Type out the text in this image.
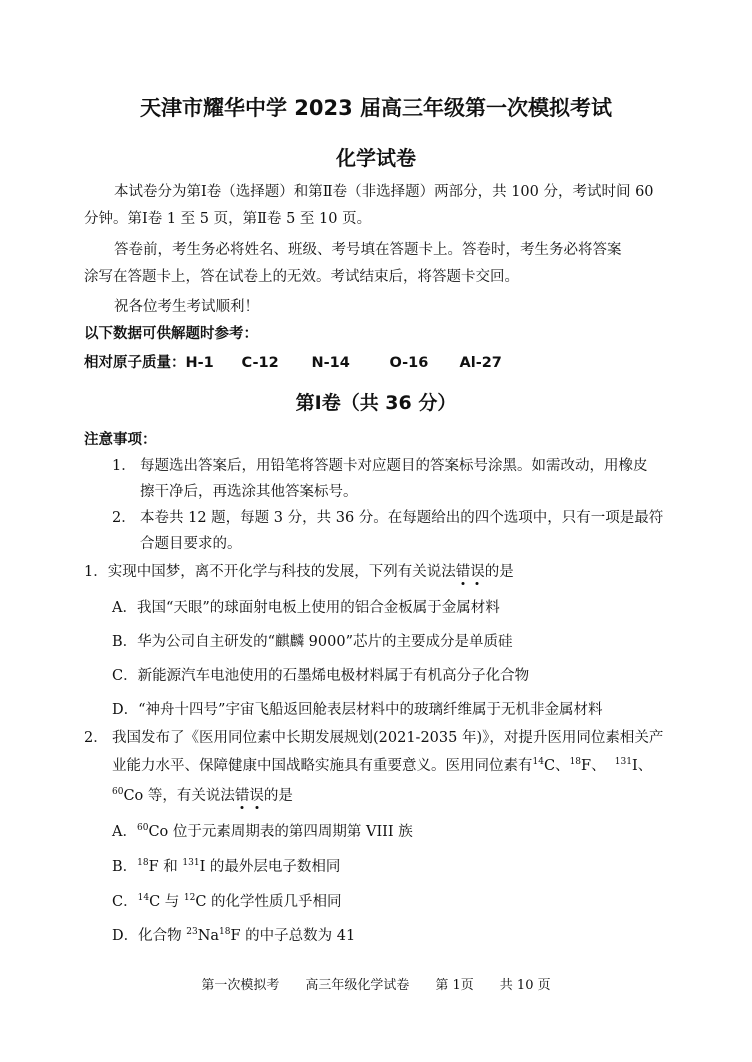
天津市耀华中学 2023 届高三年级第一次模拟考试
化学试卷
本试卷分为第Ⅰ卷（选择题）和第Ⅱ卷（非选择题）两部分，共 100 分，考试时间 60
分钟。第Ⅰ卷 1 至 5 页，第Ⅱ卷 5 至 10 页。
答卷前，考生务必将姓名、班级、考号填在答题卡上。答卷时，考生务必将答案
涂写在答题卡上，答在试卷上的无效。考试结束后，将答题卡交回。
祝各位考生考试顺利！
以下数据可供解题时参考：
相对原子质量：H-1 C-12 N-14	O-16 Al-27
第Ⅰ卷（共 36 分）
注意事项：
1． 每题选出答案后，用铅笔将答题卡对应题目的答案标号涂黑。如需改动，用橡皮
擦干净后，再选涂其他答案标号。
2． 本卷共 12 题，每题 3 分，共 36 分。在每题给出的四个选项中，只有一项是最符
合题目要求的。
1．实现中国梦，离不开化学与科技的发展，下列有关说法错误的是
A．我国“天眼”的球面射电板上使用的铝合金板属于金属材料
B．华为公司自主研发的“麒麟 9000”芯片的主要成分是单质硅
C．新能源汽车电池使用的石墨烯电极材料属于有机高分子化合物
D．“神舟十四号”宇宙飞船返回舱表层材料中的玻璃纤维属于无机非金属材料
2． 我国发布了《医用同位素中长期发展规划(2021-2035 年)》，对提升医用同位素相关产
业能力水平、保障健康中国战略实施具有重要意义。医用同位素有$^{14}$C、$^{18}$F、 $^{131}$I、
$^{60}$Co 等，有关说法错误的是
A．$^{60}$Co 位于元素周期表的第四周期第 VIII 族
B．$^{18}$F 和 $^{131}$I 的最外层电子数相同
C．$^{14}$C 与 $^{12}$C 的化学性质几乎相同
D．化合物 $^{23}$Na$^{18}$F 的中子总数为 41
第一次模拟考　　高三年级化学试卷　　第 1页　　共 10 页
